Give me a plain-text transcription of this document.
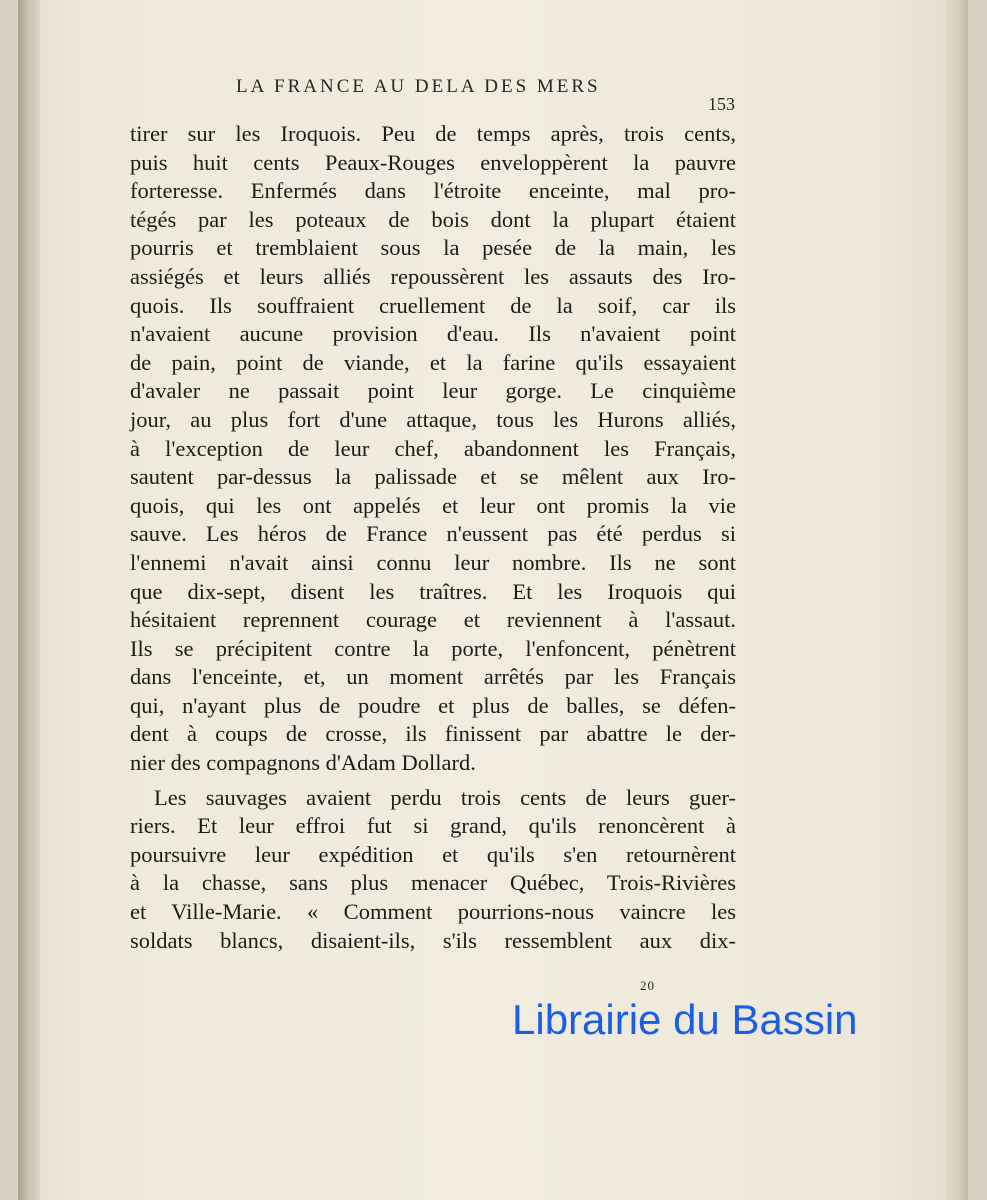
LA FRANCE AU DELA DES MERS
153
tirer sur les Iroquois. Peu de temps après, trois cents,
puis huit cents Peaux-Rouges enveloppèrent la pauvre
forteresse. Enfermés dans l'étroite enceinte, mal pro-
tégés par les poteaux de bois dont la plupart étaient
pourris et tremblaient sous la pesée de la main, les
assiégés et leurs alliés repoussèrent les assauts des Iro-
quois. Ils souffraient cruellement de la soif, car ils
n'avaient aucune provision d'eau. Ils n'avaient point
de pain, point de viande, et la farine qu'ils essayaient
d'avaler ne passait point leur gorge. Le cinquième
jour, au plus fort d'une attaque, tous les Hurons alliés,
à l'exception de leur chef, abandonnent les Français,
sautent par-dessus la palissade et se mêlent aux Iro-
quois, qui les ont appelés et leur ont promis la vie
sauve. Les héros de France n'eussent pas été perdus si
l'ennemi n'avait ainsi connu leur nombre. Ils ne sont
que dix-sept, disent les traîtres. Et les Iroquois qui
hésitaient reprennent courage et reviennent à l'assaut.
Ils se précipitent contre la porte, l'enfoncent, pénètrent
dans l'enceinte, et, un moment arrêtés par les Français
qui, n'ayant plus de poudre et plus de balles, se défen-
dent à coups de crosse, ils finissent par abattre le der-
nier des compagnons d'Adam Dollard.
Les sauvages avaient perdu trois cents de leurs guer-
riers. Et leur effroi fut si grand, qu'ils renoncèrent à
poursuivre leur expédition et qu'ils s'en retournèrent
à la chasse, sans plus menacer Québec, Trois-Rivières
et Ville-Marie. « Comment pourrions-nous vaincre les
soldats blancs, disaient-ils, s'ils ressemblent aux dix-
20
Librairie du Bassin
